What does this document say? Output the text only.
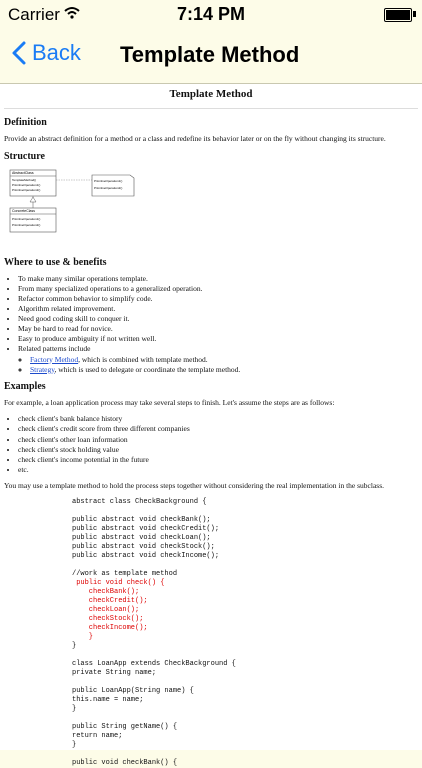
Carrier	7:14 PM
Back Template Method
Template Method
Definition

Provide an abstract definition for a method or a class and redefine its behavior later or on the fly without changing its structure.

Structure
AbstractClass
TemplateMethod()
PrimitiveOperation1()
PrimitiveOperation2()
PrimitiveOperation1()
PrimitiveOperation2()
ConcreteClass
PrimitiveOperation1()
PrimitiveOperation2()
Where to use & benefits
• To make many similar operations template.
• From many specialized operations to a generalized operation.
• Refactor common behavior to simplify code.
• Algorithm related improvement.
• Need good coding skill to conquer it.
• May be hard to read for novice.
• Easy to produce ambiguity if not written well.
• Related patterns include
◦ Factory Method, which is combined with template method.
◦ Strategy, which is used to delegate or coordinate the template method.
Examples

For example, a loan application process may take several steps to finish. Let's assume the steps are as follows:

• check client's bank balance history
• check client's credit score from three different companies
• check client's other loan information
• check client's stock holding value
• check client's income potential in the future
• etc.

You may use a template method to hold the process steps together without considering the real implementation in the subclass.

abstract class CheckBackground {

public abstract void checkBank();
public abstract void checkCredit();
public abstract void checkLoan();
public abstract void checkStock();
public abstract void checkIncome();

//work as template method
public void check() {
checkBank();
checkCredit();
checkLoan();
checkStock();
checkIncome();
}
}

class LoanApp extends CheckBackground {
private String name;

public LoanApp(String name) {
this.name = name;
}

public String getName() {
return name;
}

public void checkBank() {
